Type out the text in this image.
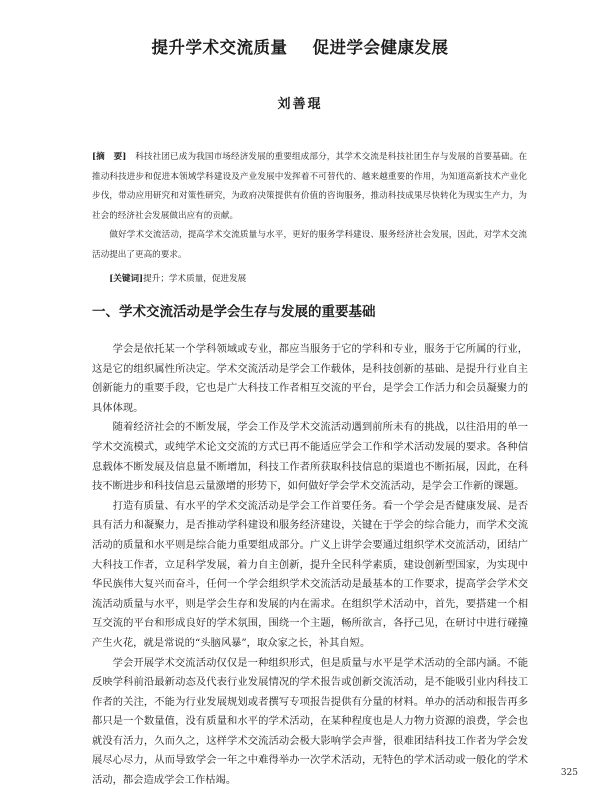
提升学术交流质量    促进学会健康发展
刘善琨

[摘　要]　 科技社团已成为我国市场经济发展的重要组成部分，其学术交流是科技社团生存与发展的首要基础。在推动科技进步和促进本领域学科建设及产业发展中发挥着不可替代的、越来越重要的作用，为知道高新技术产业化步伐，带动应用研究和对策性研究，为政府决策提供有价值的咨询服务，推动科技成果尽快转化为现实生产力，为社会的经济社会发展做出应有的贡献。

　　做好学术交流活动，提高学术交流质量与水平，更好的服务学科建设、服务经济社会发展，因此，对学术交流活动提出了更高的要求。

　　[关键词]提升；学术质量，促进发展

一、学术交流活动是学会生存与发展的重要基础

学会是依托某一个学科领域或专业，都应当服务于它的学科和专业，服务于它所属的行业，这是它的组织属性所决定。学术交流活动是学会工作载体，是科技创新的基础、是提升行业自主创新能力的重要手段，它也是广大科技工作者相互交流的平台，是学会工作活力和会员凝聚力的具体体现。

随着经济社会的不断发展，学会工作及学术交流活动遇到前所未有的挑战，以往沿用的单一学术交流模式，或纯学术论文交流的方式已再不能适应学会工作和学术活动发展的要求。各种信息载体不断发展及信息量不断增加，科技工作者所获取科技信息的渠道也不断拓展，因此，在科技不断进步和科技信息云量激增的形势下，如何做好学会学术交流活动，是学会工作新的课题。

打造有质量、有水平的学术交流活动是学会工作首要任务。看一个学会是否健康发展、是否具有活力和凝聚力，是否推动学科建设和服务经济建设，关键在于学会的综合能力，而学术交流活动的质量和水平则是综合能力重要组成部分。广义上讲学会要通过组织学术交流活动，团结广大科技工作者，立足科学发展，着力自主创新，提升全民科学素质，建设创新型国家，为实现中华民族伟大复兴而奋斗，任何一个学会组织学术交流活动是最基本的工作要求，提高学会学术交流活动质量与水平，则是学会生存和发展的内在需求。在组织学术活动中，首先，要搭建一个相互交流的平台和形成良好的学术氛围，围绕一个主题，畅所欲言，各抒己见，在研讨中进行碰撞产生火花，就是常说的“头脑风暴”，取众家之长，补其自短。

学会开展学术交流活动仅仅是一种组织形式，但是质量与水平是学术活动的全部内涵。不能反映学科前沿最新动态及代表行业发展情况的学术报告或创新交流活动，是不能吸引业内科技工作者的关注，不能为行业发展规划或者撰写专项报告提供有分量的材料。单办的活动和报告再多都只是一个数量值，没有质量和水平的学术活动，在某种程度也是人力物力资源的浪费，学会也就没有活力，久而久之，这样学术交流活动会极大影响学会声誉，很难团结科技工作者为学会发展尽心尽力，从而导致学会一年之中难得举办一次学术活动，无特色的学术活动或一般化的学术活动，都会造成学会工作枯竭。

325
